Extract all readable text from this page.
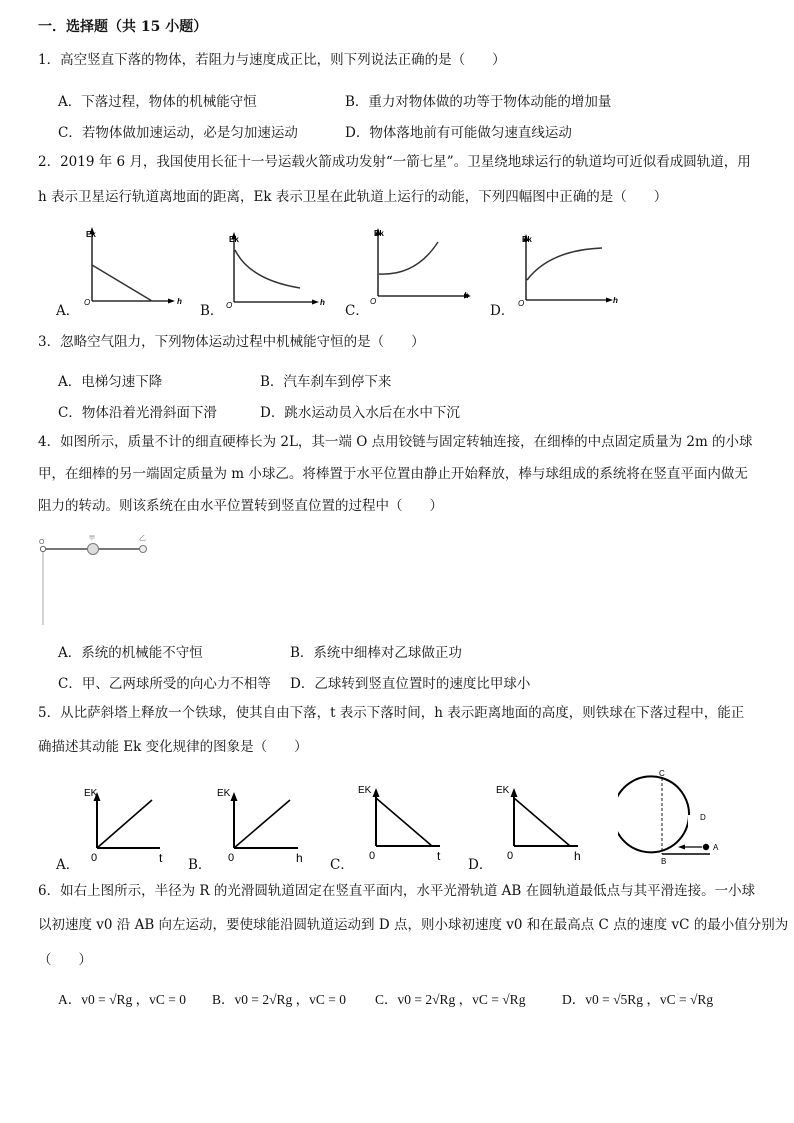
一．选择题（共 15 小题）
1．高空竖直下落的物体，若阻力与速度成正比，则下列说法正确的是（　　）
A．下落过程，物体的机械能守恒	B．重力对物体做的功等于物体动能的增加量
C．若物体做加速运动，必是匀加速运动	D．物体落地前有可能做匀速直线运动
2．2019 年 6 月，我国使用长征十一号运载火箭成功发射“一箭七星”。卫星绕地球运行的轨道均可近似看成圆轨道，用
h 表示卫星运行轨道离地面的距离，Ek 表示卫星在此轨道上运行的动能，下列四幅图中正确的是（　　）
A．
Ek
O	h
B．
Ek
O	h
C．
Ek
O
h
D．
Ek
O	h
3．忽略空气阻力，下列物体运动过程中机械能守恒的是（　　）
A．电梯匀速下降	B．汽车刹车到停下来
C．物体沿着光滑斜面下滑	D．跳水运动员入水后在水中下沉
4．如图所示，质量不计的细直硬棒长为 2L，其一端 O 点用铰链与固定转轴连接，在细棒的中点固定质量为 2m 的小球
甲，在细棒的另一端固定质量为 m 小球乙。将棒置于水平位置由静止开始释放，棒与球组成的系统将在竖直平面内做无
阻力的转动。则该系统在由水平位置转到竖直位置的过程中（　　）
O	甲	乙
A．系统的机械能不守恒	B．系统中细棒对乙球做正功
C．甲、乙两球所受的向心力不相等 D．乙球转到竖直位置时的速度比甲球小
5．从比萨斜塔上释放一个铁球，使其自由下落，t 表示下落时间，h 表示距离地面的高度，则铁球在下落过程中，能正
确描述其动能 Ek 变化规律的图象是（　　）
A．
EK
0	t B．
EK
0	h C．
EK
0	t
D．
EK
0	h
C
D
B
A
6．如右上图所示，半径为 R 的光滑圆轨道固定在竖直平面内，水平光滑轨道 AB 在圆轨道最低点与其平滑连接。一小球
以初速度 v0 沿 AB 向左运动，要使球能沿圆轨道运动到 D 点，则小球初速度 v0 和在最高点 C 点的速度 vC 的最小值分别为
（　　）
A．v0 = √Rg ，vC = 0 B．v0 = 2√Rg ，vC = 0 C．v0 = 2√Rg ，vC = √Rg	D．v0 = √5Rg ，vC = √Rg
